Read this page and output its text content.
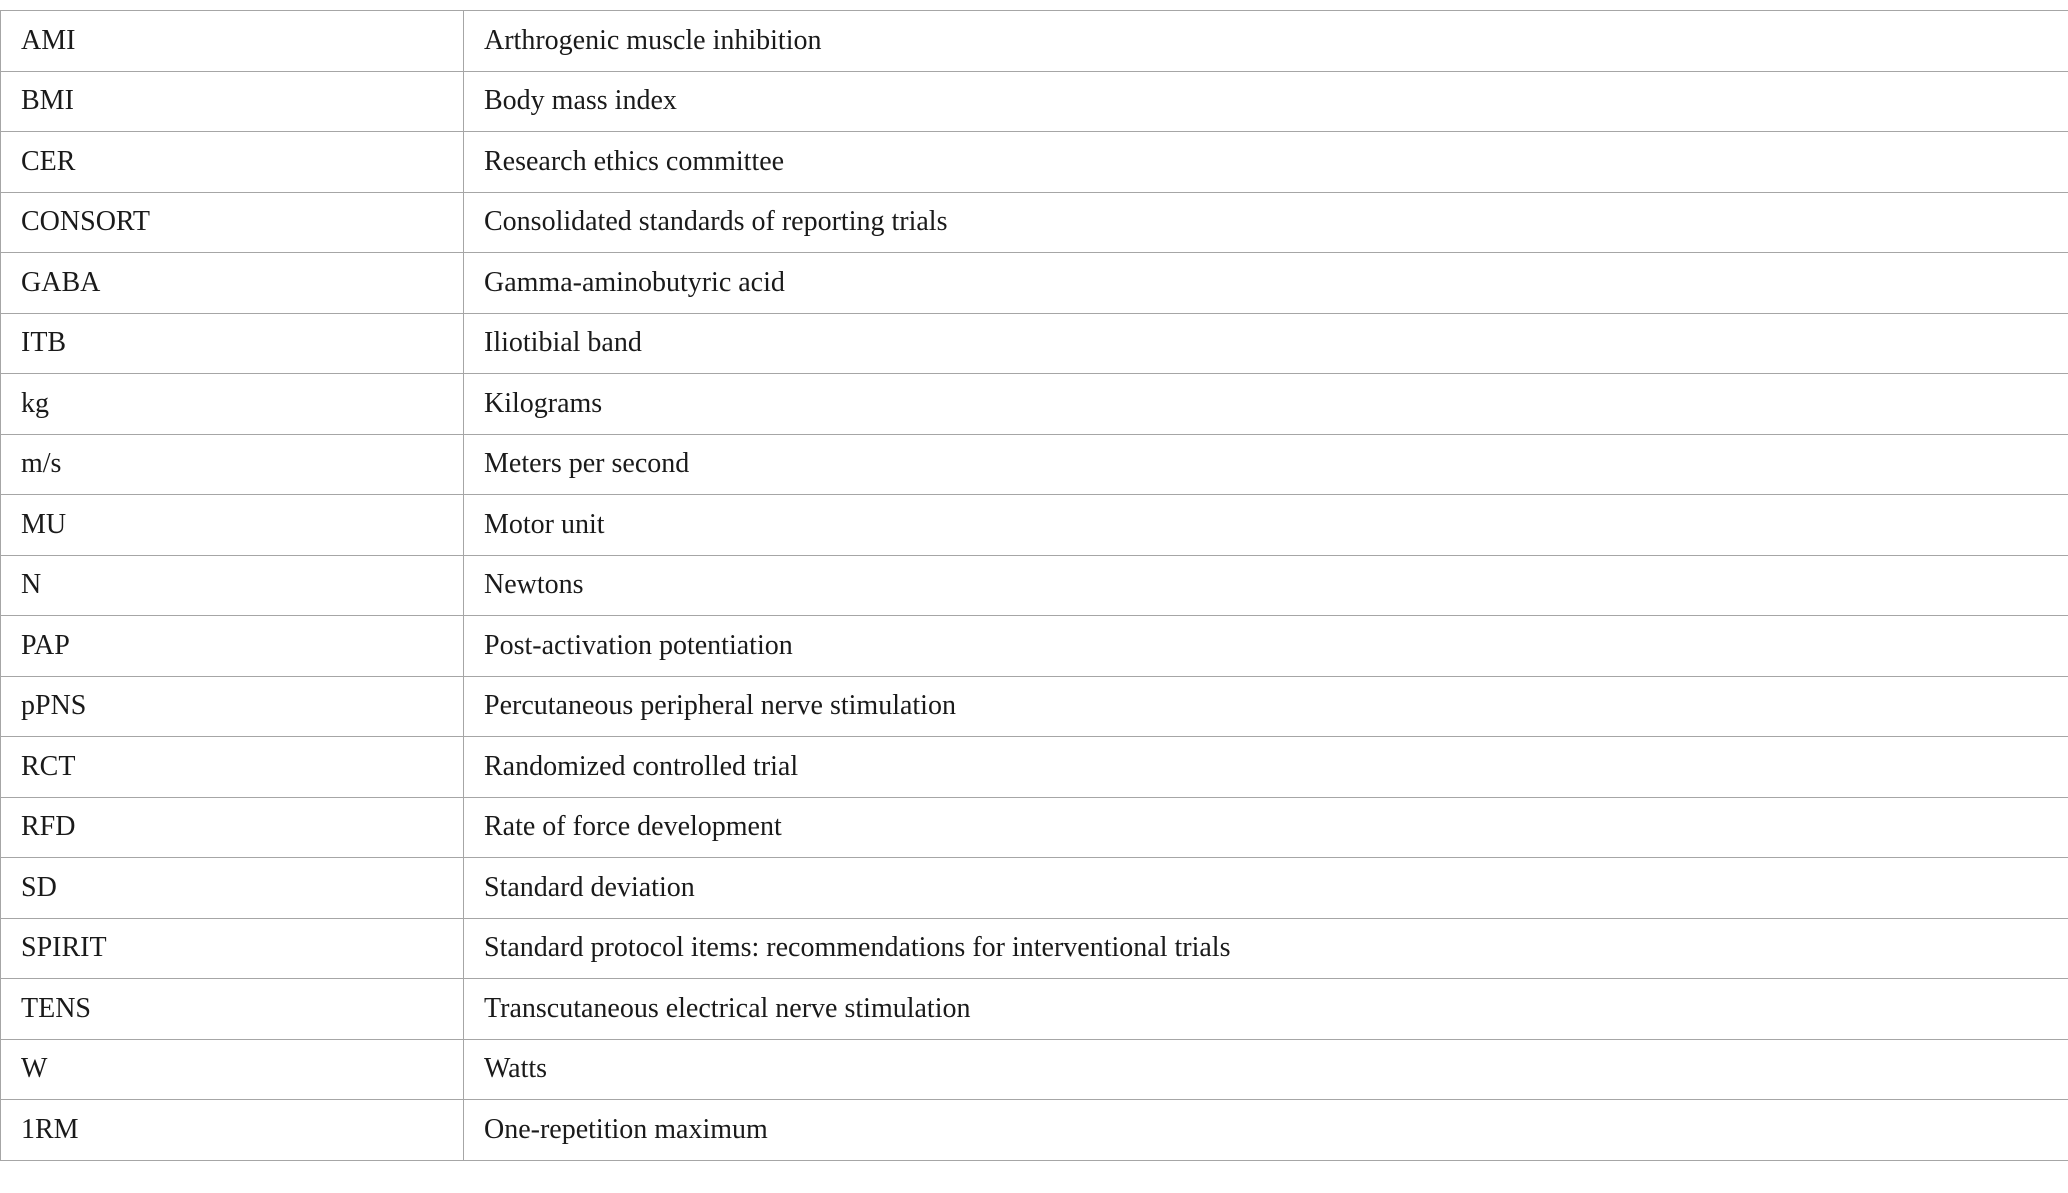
AMI	Arthrogenic muscle inhibition
BMI	Body mass index
CER	Research ethics committee
CONSORT	Consolidated standards of reporting trials
GABA	Gamma-aminobutyric acid
ITB	Iliotibial band
kg	Kilograms
m/s	Meters per second
MU	Motor unit
N	Newtons
PAP	Post-activation potentiation
pPNS	Percutaneous peripheral nerve stimulation
RCT	Randomized controlled trial
RFD	Rate of force development
SD	Standard deviation
SPIRIT	Standard protocol items: recommendations for interventional trials
TENS	Transcutaneous electrical nerve stimulation
W	Watts
1RM	One-repetition maximum
